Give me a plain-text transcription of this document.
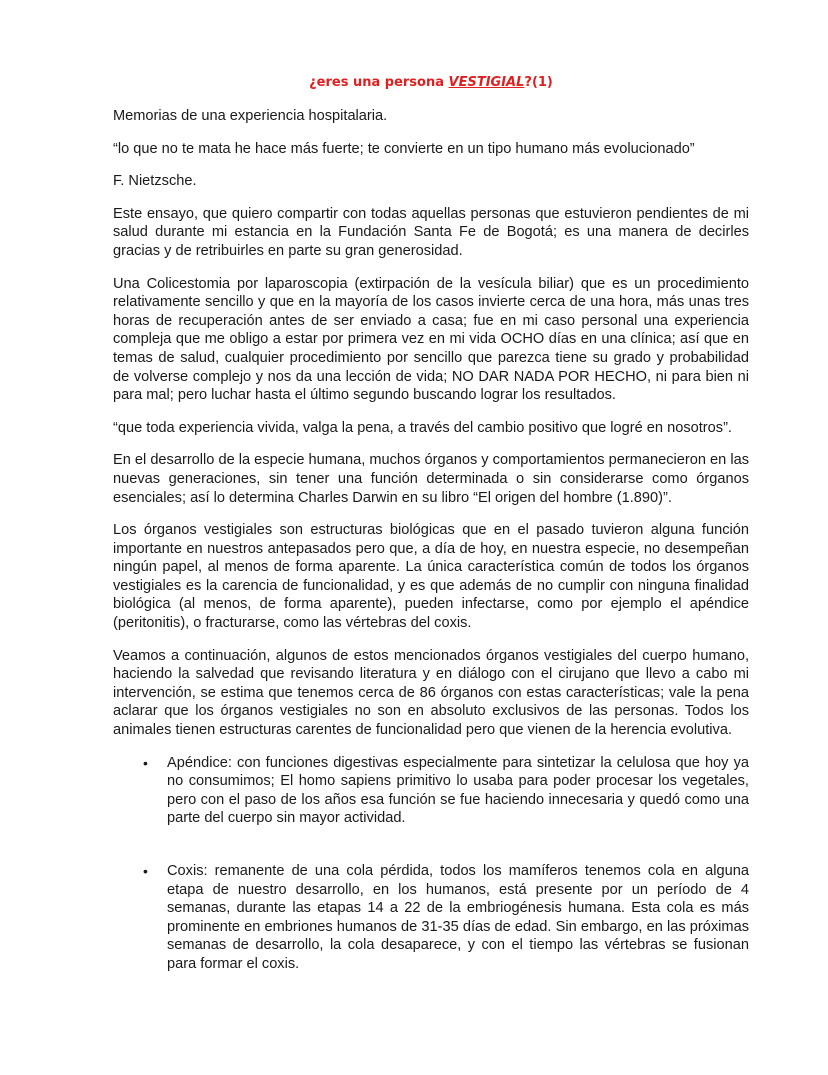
¿eres una persona VESTIGIAL?(1)

Memorias de una experiencia hospitalaria.

“lo que no te mata he hace más fuerte; te convierte en un tipo humano más evolucionado”

F. Nietzsche.

Este ensayo, que quiero compartir con todas aquellas personas que estuvieron pendientes de mi salud durante mi estancia en la Fundación Santa Fe de Bogotá; es una manera de decirles gracias y de retribuirles en parte su gran generosidad.

Una Colicestomia por laparoscopia (extirpación de la vesícula biliar) que es un procedimiento relativamente sencillo y que en la mayoría de los casos invierte cerca de una hora, más unas tres horas de recuperación antes de ser enviado a casa; fue en mi caso personal una experiencia compleja que me obligo a estar por primera vez en mi vida OCHO días en una clínica; así que en temas de salud, cualquier procedimiento por sencillo que parezca tiene su grado y probabilidad de volverse complejo y nos da una lección de vida; NO DAR NADA POR HECHO, ni para bien ni para mal; pero luchar hasta el último segundo buscando lograr los resultados.

“que toda experiencia vivida, valga la pena, a través del cambio positivo que logré en nosotros”.

En el desarrollo de la especie humana, muchos órganos y comportamientos permanecieron en las nuevas generaciones, sin tener una función determinada o sin considerarse como órganos esenciales; así lo determina Charles Darwin en su libro “El origen del hombre (1.890)”.

Los órganos vestigiales son estructuras biológicas que en el pasado tuvieron alguna función importante en nuestros antepasados pero que, a día de hoy, en nuestra especie, no desempeñan ningún papel, al menos de forma aparente. La única característica común de todos los órganos vestigiales es la carencia de funcionalidad, y es que además de no cumplir con ninguna finalidad biológica (al menos, de forma aparente), pueden infectarse, como por ejemplo el apéndice (peritonitis), o fracturarse, como las vértebras del coxis.

Veamos a continuación, algunos de estos mencionados órganos vestigiales del cuerpo humano, haciendo la salvedad que revisando literatura y en diálogo con el cirujano que llevo a cabo mi intervención, se estima que tenemos cerca de 86 órganos con estas características; vale la pena aclarar que los órganos vestigiales no son en absoluto exclusivos de las personas. Todos los animales tienen estructuras carentes de funcionalidad pero que vienen de la herencia evolutiva.

• Apéndice: con funciones digestivas especialmente para sintetizar la celulosa que hoy ya no consumimos; El homo sapiens primitivo lo usaba para poder procesar los vegetales, pero con el paso de los años esa función se fue haciendo innecesaria y quedó como una parte del cuerpo sin mayor actividad.
• Coxis: remanente de una cola pérdida, todos los mamíferos tenemos cola en alguna etapa de nuestro desarrollo, en los humanos, está presente por un período de 4 semanas, durante las etapas 14 a 22 de la embriogénesis humana. Esta cola es más prominente en embriones humanos de 31-35 días de edad. Sin embargo, en las próximas semanas de desarrollo, la cola desaparece, y con el tiempo las vértebras se fusionan para formar el coxis.
